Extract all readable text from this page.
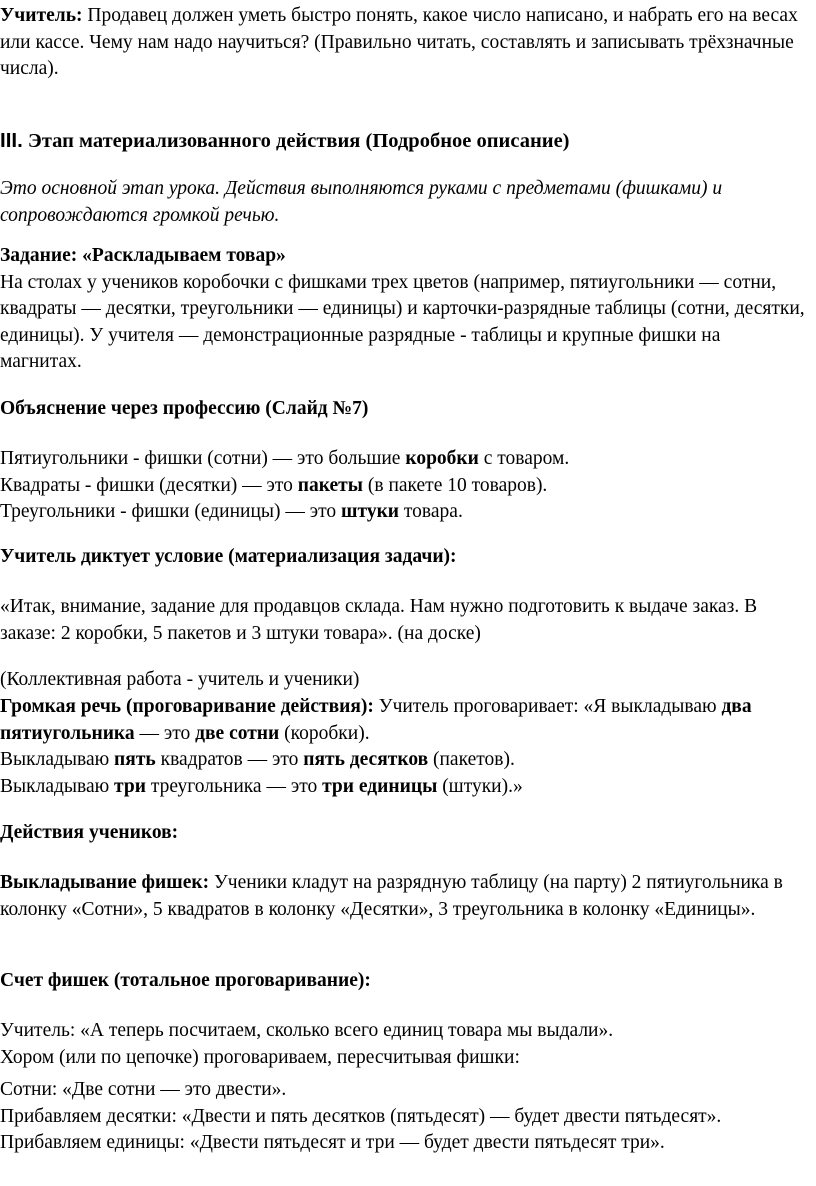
Учитель: Продавец должен уметь быстро понять, какое число написано, и набрать его на весах или кассе. Чему нам надо научиться? (Правильно читать, составлять и записывать трёхзначные числа).

III. Этап материализованного действия (Подробное описание)

Это основной этап урока. Действия выполняются руками с предметами (фишками) и сопровождаются громкой речью.

Задание: «Раскладываем товар»
На столах у учеников коробочки с фишками трех цветов (например, пятиугольники — сотни, квадраты — десятки, треугольники — единицы) и карточки-разрядные таблицы (сотни, десятки, единицы). У учителя — демонстрационные разрядные - таблицы и крупные фишки на магнитах.

Объяснение через профессию (Слайд №7)

Пятиугольники - фишки (сотни) — это большие коробки с товаром.
Квадраты - фишки (десятки) — это пакеты (в пакете 10 товаров).
Треугольники - фишки (единицы) — это штуки товара.

Учитель диктует условие (материализация задачи):

«Итак, внимание, задание для продавцов склада. Нам нужно подготовить к выдаче заказ. В заказе: 2 коробки, 5 пакетов и 3 штуки товара». (на доске)

(Коллективная работа - учитель и ученики)

Громкая речь (проговаривание действия): Учитель проговаривает: «Я выкладываю два пятиугольника — это две сотни (коробки).
Выкладываю пять квадратов — это пять десятков (пакетов).
Выкладываю три треугольника — это три единицы (штуки).»

Действия учеников:

Выкладывание фишек: Ученики кладут на разрядную таблицу (на парту) 2 пятиугольника в колонку «Сотни», 5 квадратов в колонку «Десятки», 3 треугольника в колонку «Единицы».

Счет фишек (тотальное проговаривание):

Учитель: «А теперь посчитаем, сколько всего единиц товара мы выдали».
Хором (или по цепочке) проговариваем, пересчитывая фишки:

Сотни: «Две сотни — это двести».
Прибавляем десятки: «Двести и пять десятков (пятьдесят) — будет двести пятьдесят».
Прибавляем единицы: «Двести пятьдесят и три — будет двести пятьдесят три».
